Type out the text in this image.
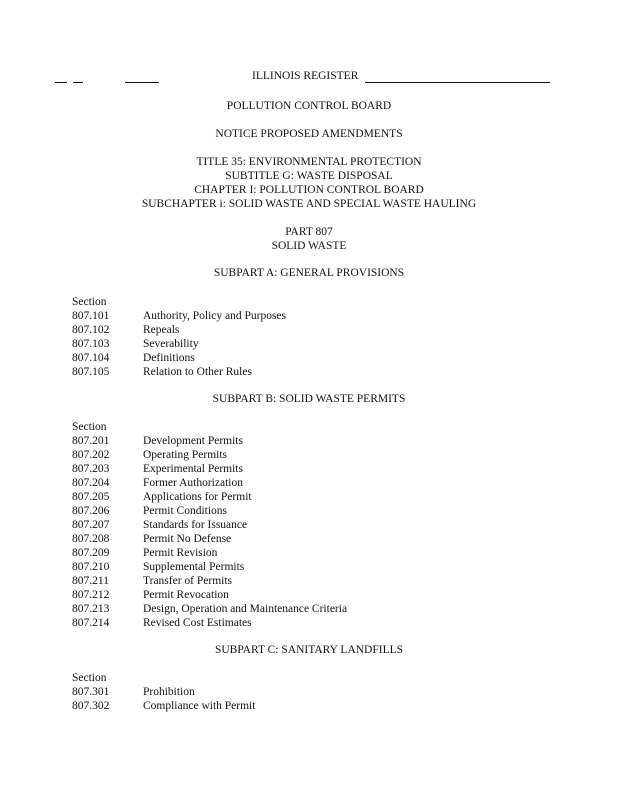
ILLINOIS REGISTER
POLLUTION CONTROL BOARD
NOTICE PROPOSED AMENDMENTS
TITLE 35: ENVIRONMENTAL PROTECTION
SUBTITLE G: WASTE DISPOSAL
CHAPTER I: POLLUTION CONTROL BOARD
SUBCHAPTER i: SOLID WASTE AND SPECIAL WASTE HAULING
PART 807
SOLID WASTE
SUBPART A: GENERAL PROVISIONS
Section
807.101	Authority, Policy and Purposes
807.102	Repeals
807.103	Severability
807.104	Definitions
807.105	Relation to Other Rules
SUBPART B: SOLID WASTE PERMITS
Section
807.201	Development Permits
807.202	Operating Permits
807.203	Experimental Permits
807.204	Former Authorization
807.205	Applications for Permit
807.206	Permit Conditions
807.207	Standards for Issuance
807.208	Permit No Defense
807.209	Permit Revision
807.210	Supplemental Permits
807.211	Transfer of Permits
807.212	Permit Revocation
807.213	Design, Operation and Maintenance Criteria
807.214	Revised Cost Estimates
SUBPART C: SANITARY LANDFILLS
Section
807.301	Prohibition
807.302	Compliance with Permit
